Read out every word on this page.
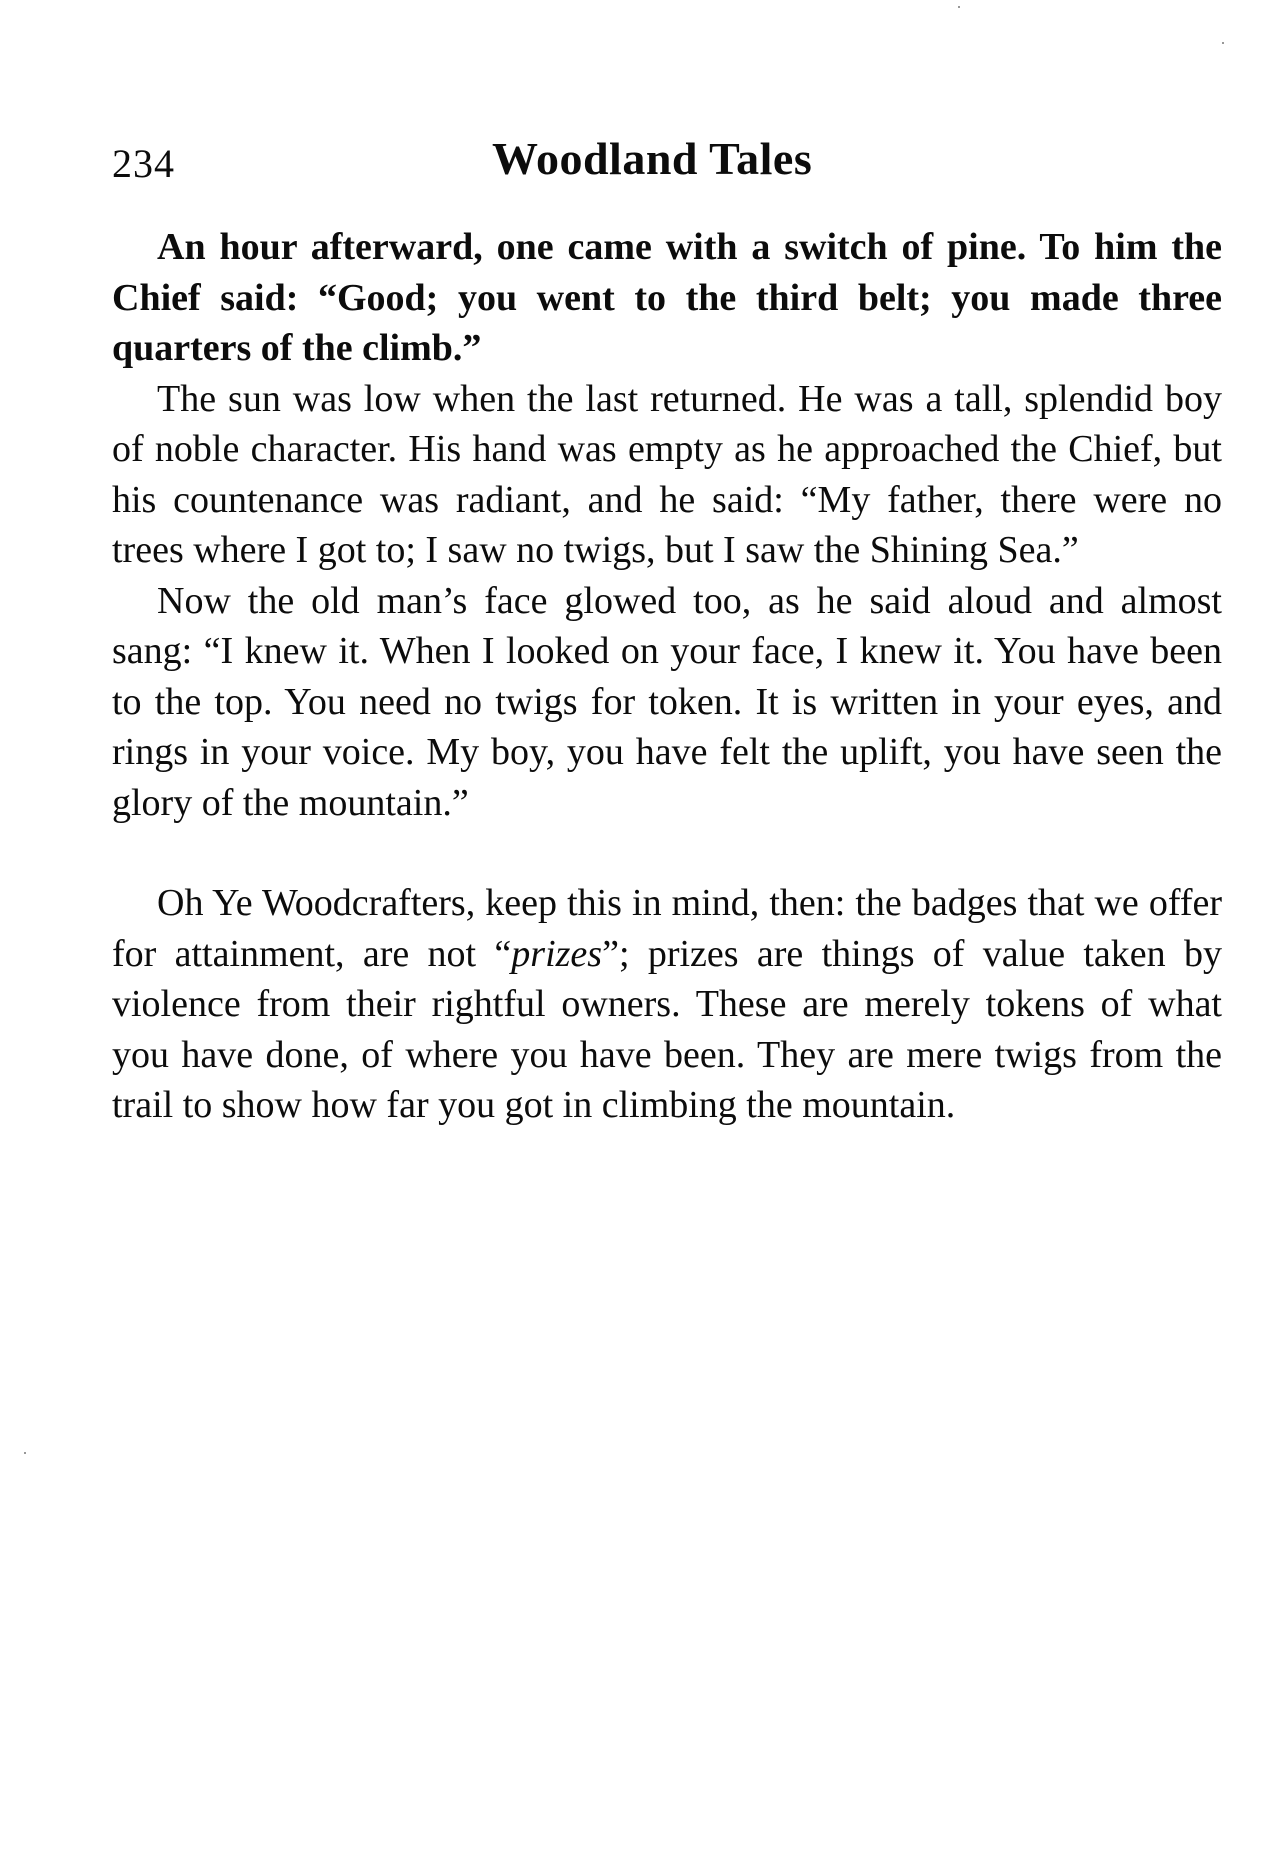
234	Woodland Tales

An hour afterward, one came with a switch of pine. To him the Chief said: “Good; you went to the third belt; you made three quarters of the climb.”

The sun was low when the last returned. He was a tall, splendid boy of noble character. His hand was empty as he approached the Chief, but his countenance was radiant, and he said: “My father, there were no trees where I got to; I saw no twigs, but I saw the Shining Sea.”

Now the old man’s face glowed too, as he said aloud and almost sang: “I knew it. When I looked on your face, I knew it. You have been to the top. You need no twigs for token. It is written in your eyes, and rings in your voice. My boy, you have felt the uplift, you have seen the glory of the mountain.”

Oh Ye Woodcrafters, keep this in mind, then: the badges that we offer for attainment, are not “prizes”; prizes are things of value taken by violence from their rightful owners. These are merely tokens of what you have done, of where you have been. They are mere twigs from the trail to show how far you got in climbing the mountain.
